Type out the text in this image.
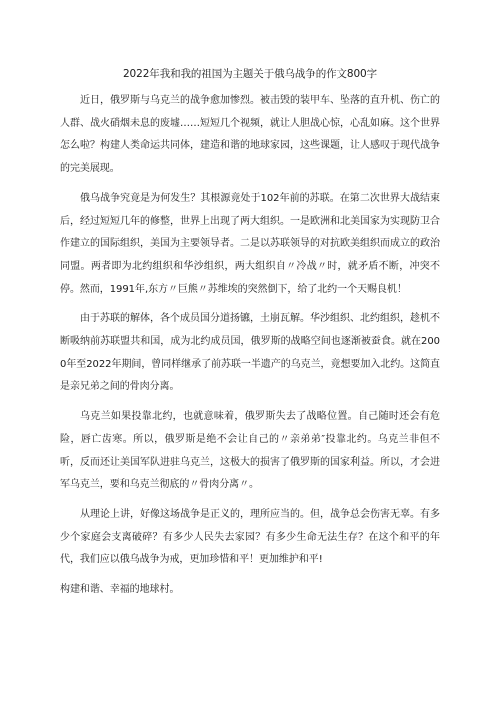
2022年我和我的祖国为主题关于俄乌战争的作文800字

近日，俄罗斯与乌克兰的战争愈加惨烈。被击毁的装甲车、坠落的直升机、伤亡的人群、战火硝烟未息的废墟……短短几个视频，就让人胆战心惊，心乱如麻。这个世界怎么啦？构建人类命运共同体，建造和谐的地球家园，这些课题，让人感叹于现代战争的完美展现。

俄乌战争究竟是为何发生？其根源竟处于102年前的苏联。在第二次世界大战结束后，经过短短几年的修整，世界上出现了两大组织。一是欧洲和北美国家为实现防卫合作建立的国际组织，美国为主要领导者。二是以苏联领导的对抗欧美组织而成立的政治同盟。两者即为北约组织和华沙组织，两大组织自〃冷战〃时，就矛盾不断，冲突不停。然而，1991年,东方〃巨熊〃苏维埃的突然倒下，给了北约一个天赐良机！

由于苏联的解体，各个成员国分道扬镳，土崩瓦解。华沙组织、北约组织，趁机不断吸纳前苏联盟共和国，成为北约成员国，俄罗斯的战略空间也逐渐被蚕食。就在2000年至2022年期间，曾同样继承了前苏联一半遗产的乌克兰，竟想要加入北约。这简直是亲兄弟之间的骨肉分离。

乌克兰如果投靠北约，也就意味着，俄罗斯失去了战略位置。自己随时还会有危险，唇亡齿寒。所以，俄罗斯是绝不会让自己的〃亲弟弟″投靠北约。乌克兰非但不听，反而还让美国军队进驻乌克兰，这极大的损害了俄罗斯的国家利益。所以，才会进军乌克兰，要和乌克兰彻底的〃骨肉分离〃。

从理论上讲，好像这场战争是正义的，理所应当的。但，战争总会伤害无辜。有多少个家庭会支离破碎？有多少人民失去家园？有多少生命无法生存？在这个和平的年代，我们应以俄乌战争为戒，更加珍惜和平！更加维护和平!

构建和谐、幸福的地球村。
